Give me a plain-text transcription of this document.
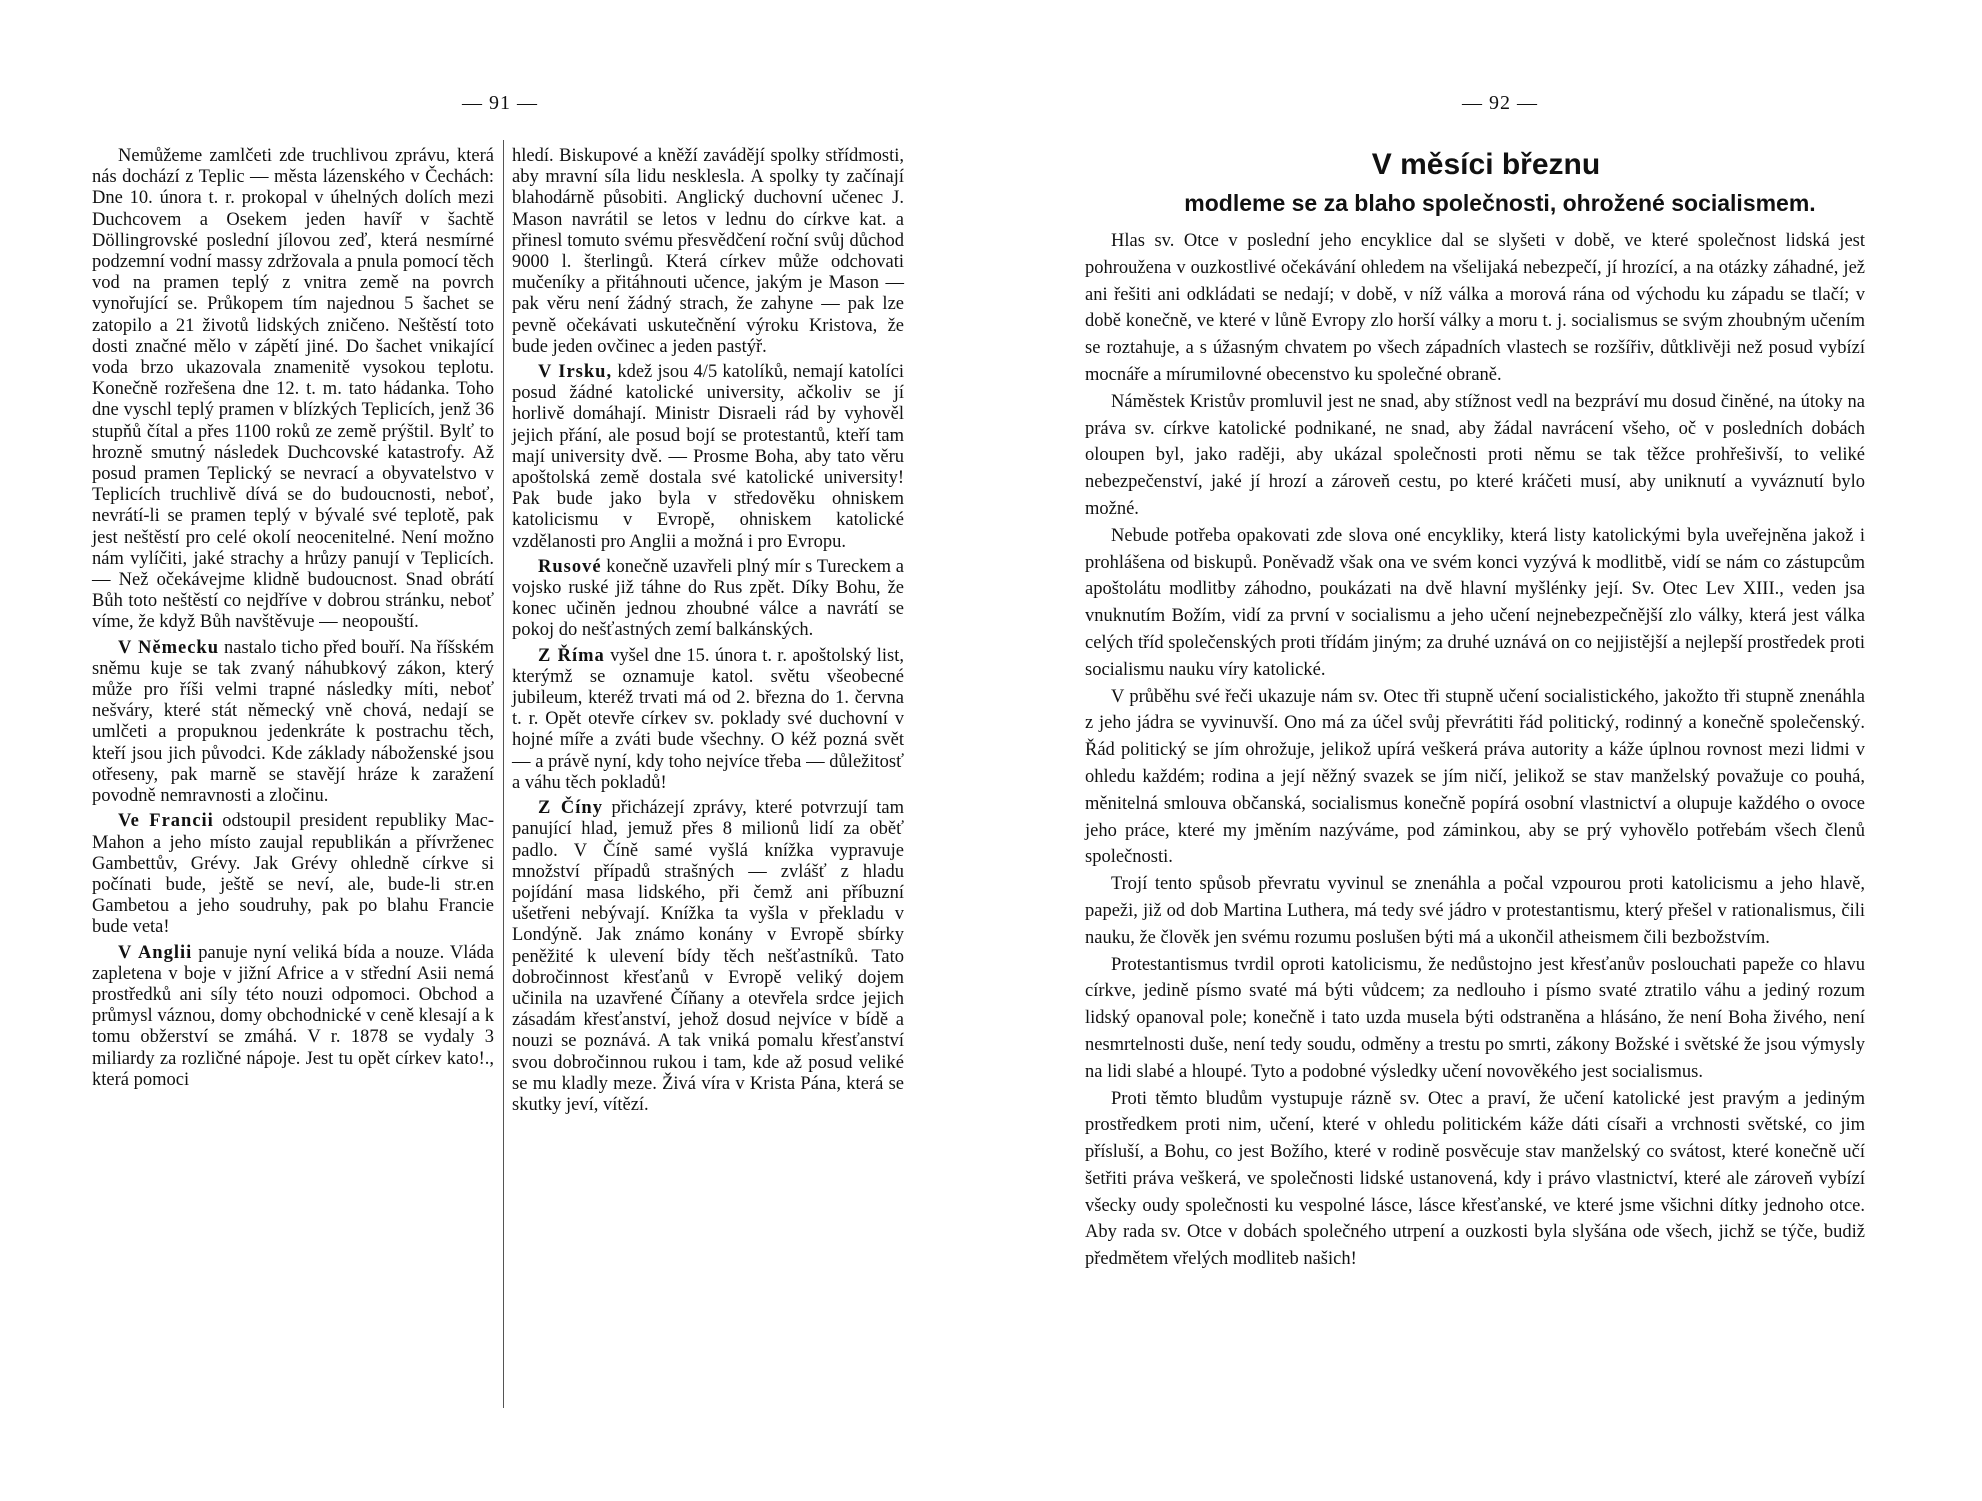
— 91 —

Nemůžeme zamlčeti zde truchlivou zprávu, která nás dochází z Teplic — města lázenského v Čechách: Dne 10. února t. r. prokopal v úhelných dolích mezi Duchcovem a Osekem jeden havíř v šachtě Döllingrovské poslední jílovou zeď, která nesmírné podzemní vodní massy zdržovala a pnula pomocí těch vod na pramen teplý z vnitra země na povrch vynořující se. Průkopem tím najednou 5 šachet se zatopilo a 21 životů lidských zničeno. Neštěstí toto dosti značné mělo v zápětí jiné. Do šachet vnikající voda brzo ukazovala znamenitě vysokou teplotu. Konečně rozřešena dne 12. t. m. tato hádanka. Toho dne vyschl teplý pramen v blízkých Teplicích, jenž 36 stupňů čítal a přes 1100 roků ze země prýštil. Bylť to hrozně smutný následek Duchcovské katastrofy. Až posud pramen Teplický se nevrací a obyvatelstvo v Teplicích truchlivě dívá se do budoucnosti, neboť, nevrátí-li se pramen teplý v bývalé své teplotě, pak jest neštěstí pro celé okolí neocenitelné. Není možno nám vylíčiti, jaké strachy a hrůzy panují v Teplicích. — Než očekávejme klidně budoucnost. Snad obrátí Bůh toto neštěstí co nejdříve v dobrou stránku, neboť víme, že když Bůh navštěvuje — neopouští.

V Německu nastalo ticho před bouří. Na říšském sněmu kuje se tak zvaný náhubkový zákon, který může pro říši velmi trapné následky míti, neboť nešváry, které stát německý vně chová, nedají se umlčeti a propuknou jedenkráte k postrachu těch, kteří jsou jich původci. Kde základy náboženské jsou otřeseny, pak marně se stavějí hráze k zaražení povodně nemravnosti a zločinu.

Ve Francii odstoupil president republiky Mac-Mahon a jeho místo zaujal republikán a přívrženec Gambettův, Grévy. Jak Grévy ohledně církve si počínati bude, ještě se neví, ale, bude-li str.en Gambetou a jeho soudruhy, pak po blahu Francie bude veta!

V Anglii panuje nyní veliká bída a nouze. Vláda zapletena v boje v jižní Africe a v střední Asii nemá prostředků ani síly této nouzi odpomoci. Obchod a průmysl váznou, domy obchodnické v ceně klesají a k tomu obžerství se zmáhá. V r. 1878 se vydaly 3 miliardy za rozličné nápoje. Jest tu opět církev kato!., která pomoci

hledí. Biskupové a kněží zavádějí spolky střídmosti, aby mravní síla lidu nesklesla. A spolky ty začínají blahodárně působiti. Anglický duchovní učenec J. Mason navrátil se letos v lednu do církve kat. a přinesl tomuto svému přesvědčení roční svůj důchod 9000 l. šterlingů. Která církev může odchovati mučeníky a přitáhnouti učence, jakým je Mason — pak věru není žádný strach, že zahyne — pak lze pevně očekávati uskutečnění výroku Kristova, že bude jeden ovčinec a jeden pastýř.

V Irsku, kdež jsou 4/5 katolíků, nemají katolíci posud žádné katolické university, ačkoliv se jí horlivě domáhají. Ministr Disraeli rád by vyhověl jejich přání, ale posud bojí se protestantů, kteří tam mají university dvě. — Prosme Boha, aby tato věru apoštolská země dostala své katolické university! Pak bude jako byla v středověku ohniskem katolicismu v Evropě, ohniskem katolické vzdělanosti pro Anglii a možná i pro Evropu.

Rusové konečně uzavřeli plný mír s Tureckem a vojsko ruské již táhne do Rus zpět. Díky Bohu, že konec učiněn jednou zhoubné válce a navrátí se pokoj do nešťastných zemí balkánských.

Z Říma vyšel dne 15. února t. r. apoštolský list, kterýmž se oznamuje katol. světu všeobecné jubileum, kteréž trvati má od 2. března do 1. června t. r. Opět otevře církev sv. poklady své duchovní v hojné míře a zváti bude všechny. O kéž pozná svět — a právě nyní, kdy toho nejvíce třeba — důležitosť a váhu těch pokladů!

Z Číny přicházejí zprávy, které potvrzují tam panující hlad, jemuž přes 8 milionů lidí za oběť padlo. V Číně samé vyšlá knížka vypravuje množství případů strašných — zvlášť z hladu pojídání masa lidského, při čemž ani příbuzní ušetřeni nebývají. Knížka ta vyšla v překladu v Londýně. Jak známo konány v Evropě sbírky peněžité k ulevení bídy těch nešťastníků. Tato dobročinnost křesťanů v Evropě veliký dojem učinila na uzavřené Číňany a otevřela srdce jejich zásadám křesťanství, jehož dosud nejvíce v bídě a nouzi se poznává. A tak vniká pomalu křesťanství svou dobročinnou rukou i tam, kde až posud veliké se mu kladly meze. Živá víra v Krista Pána, která se skutky jeví, vítězí.

— 92 —
V měsíci březnu
modleme se za blaho společnosti, ohrožené socialismem.

Hlas sv. Otce v poslední jeho encyklice dal se slyšeti v době, ve které společnost lidská jest pohroužena v ouzkostlivé očekávání ohledem na všelijaká nebezpečí, jí hrozící, a na otázky záhadné, jež ani řešiti ani odkládati se nedají; v době, v níž válka a morová rána od východu ku západu se tlačí; v době konečně, ve které v lůně Evropy zlo horší války a moru t. j. socialismus se svým zhoubným učením se roztahuje, a s úžasným chvatem po všech západních vlastech se rozšířiv, důtklivěji než posud vybízí mocnáře a mírumilovné obecenstvo ku společné obraně.

Náměstek Kristův promluvil jest ne snad, aby stížnost vedl na bezpráví mu dosud činěné, na útoky na práva sv. církve katolické podnikané, ne snad, aby žádal navrácení všeho, oč v posledních dobách oloupen byl, jako raději, aby ukázal společnosti proti němu se tak těžce prohřešivší, to veliké nebezpečenství, jaké jí hrozí a zároveň cestu, po které kráčeti musí, aby uniknutí a vyváznutí bylo možné.

Nebude potřeba opakovati zde slova oné encykliky, která listy katolickými byla uveřejněna jakož i prohlášena od biskupů. Poněvadž však ona ve svém konci vyzývá k modlitbě, vidí se nám co zástupcům apoštolátu modlitby záhodno, poukázati na dvě hlavní myšlénky její. Sv. Otec Lev XIII., veden jsa vnuknutím Božím, vidí za první v socialismu a jeho učení nejnebezpečnější zlo války, která jest válka celých tříd společenských proti třídám jiným; za druhé uznává on co nejjistější a nejlepší prostředek proti socialismu nauku víry katolické.

V průběhu své řeči ukazuje nám sv. Otec tři stupně učení socialistického, jakožto tři stupně znenáhla z jeho jádra se vyvinuvší. Ono má za účel svůj převrátiti řád politický, rodinný a konečně společenský. Řád politický se jím ohrožuje, jelikož upírá veškerá práva autority a káže úplnou rovnost mezi lidmi v ohledu každém; rodina a její něžný svazek se jím ničí, jelikož se stav manželský považuje co pouhá, měnitelná smlouva občanská, socialismus konečně popírá osobní vlastnictví a olupuje každého o ovoce jeho práce, které my jměním nazýváme, pod záminkou, aby se prý vyhovělo potřebám všech členů společnosti.

Trojí tento spůsob převratu vyvinul se znenáhla a počal vzpourou proti katolicismu a jeho hlavě, papeži, již od dob Martina Luthera, má tedy své jádro v protestantismu, který přešel v rationalismus, čili nauku, že člověk jen svému rozumu poslušen býti má a ukončil atheismem čili bezbožstvím.

Protestantismus tvrdil oproti katolicismu, že nedůstojno jest křesťanův poslouchati papeže co hlavu církve, jedině písmo svaté má býti vůdcem; za nedlouho i písmo svaté ztratilo váhu a jediný rozum lidský opanoval pole; konečně i tato uzda musela býti odstraněna a hlásáno, že není Boha živého, není nesmrtelnosti duše, není tedy soudu, odměny a trestu po smrti, zákony Božské i světské že jsou výmysly na lidi slabé a hloupé. Tyto a podobné výsledky učení novověkého jest socialismus.

Proti těmto bludům vystupuje rázně sv. Otec a praví, že učení katolické jest pravým a jediným prostředkem proti nim, učení, které v ohledu politickém káže dáti císaři a vrchnosti světské, co jim přísluší, a Bohu, co jest Božího, které v rodině posvěcuje stav manželský co svátost, které konečně učí šetřiti práva veškerá, ve společnosti lidské ustanovená, kdy i právo vlastnictví, které ale zároveň vybízí všecky oudy společnosti ku vespolné lásce, lásce křesťanské, ve které jsme všichni dítky jednoho otce. Aby rada sv. Otce v dobách společného utrpení a ouzkosti byla slyšána ode všech, jichž se týče, budiž předmětem vřelých modliteb našich!
